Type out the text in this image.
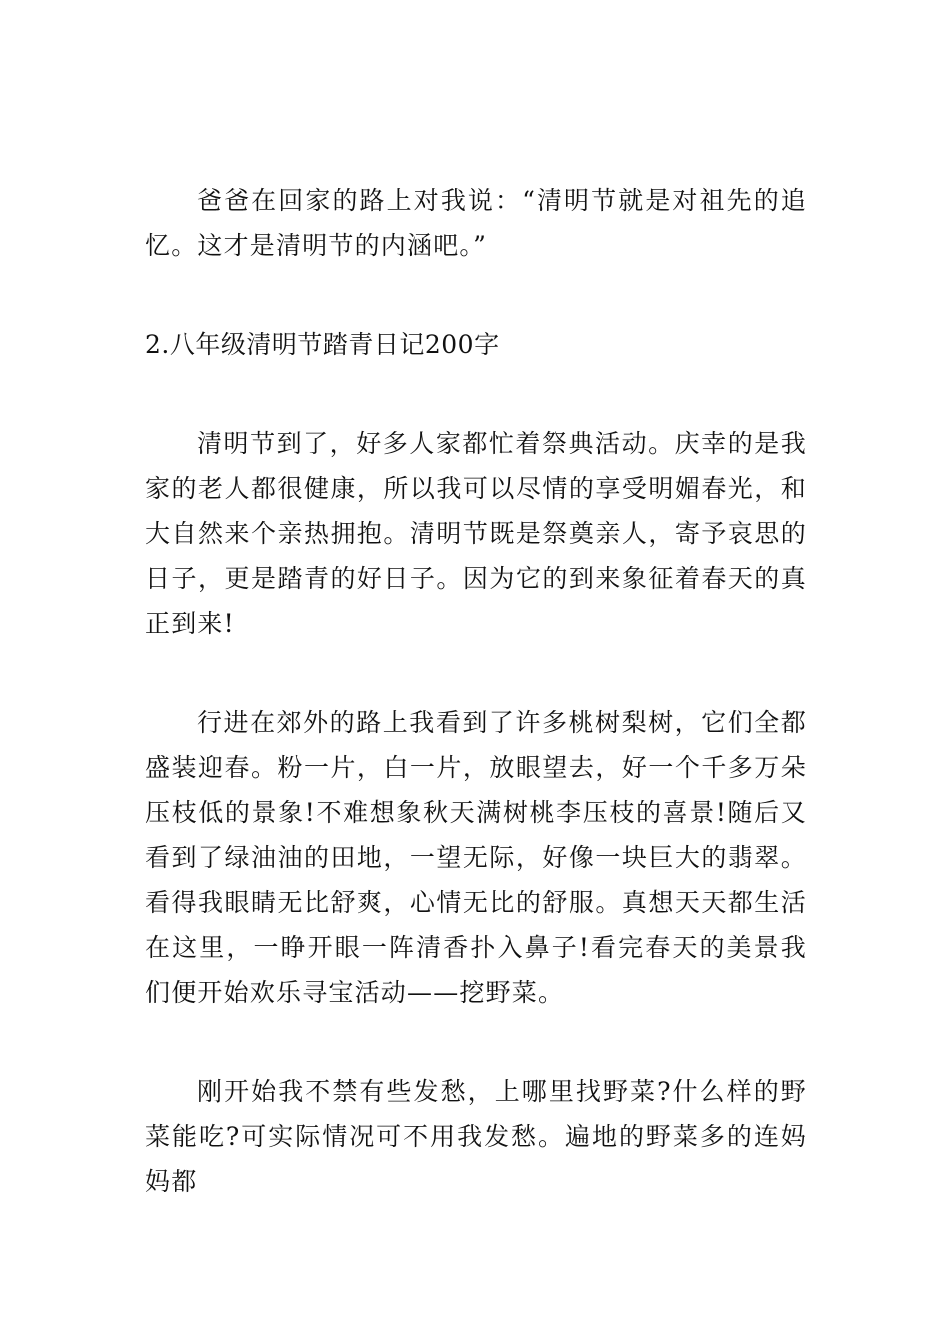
爸爸在回家的路上对我说：“清明节就是对祖先的追忆。这才是清明节的内涵吧。”

2.八年级清明节踏青日记200字

清明节到了，好多人家都忙着祭典活动。庆幸的是我家的老人都很健康，所以我可以尽情的享受明媚春光，和大自然来个亲热拥抱。清明节既是祭奠亲人，寄予哀思的日子，更是踏青的好日子。因为它的到来象征着春天的真正到来!

行进在郊外的路上我看到了许多桃树梨树，它们全都盛装迎春。粉一片，白一片，放眼望去，好一个千多万朵压枝低的景象!不难想象秋天满树桃李压枝的喜景!随后又看到了绿油油的田地，一望无际，好像一块巨大的翡翠。看得我眼睛无比舒爽，心情无比的舒服。真想天天都生活在这里，一睁开眼一阵清香扑入鼻子!看完春天的美景我们便开始欢乐寻宝活动——挖野菜。

刚开始我不禁有些发愁，上哪里找野菜?什么样的野菜能吃?可实际情况可不用我发愁。遍地的野菜多的连妈妈都
